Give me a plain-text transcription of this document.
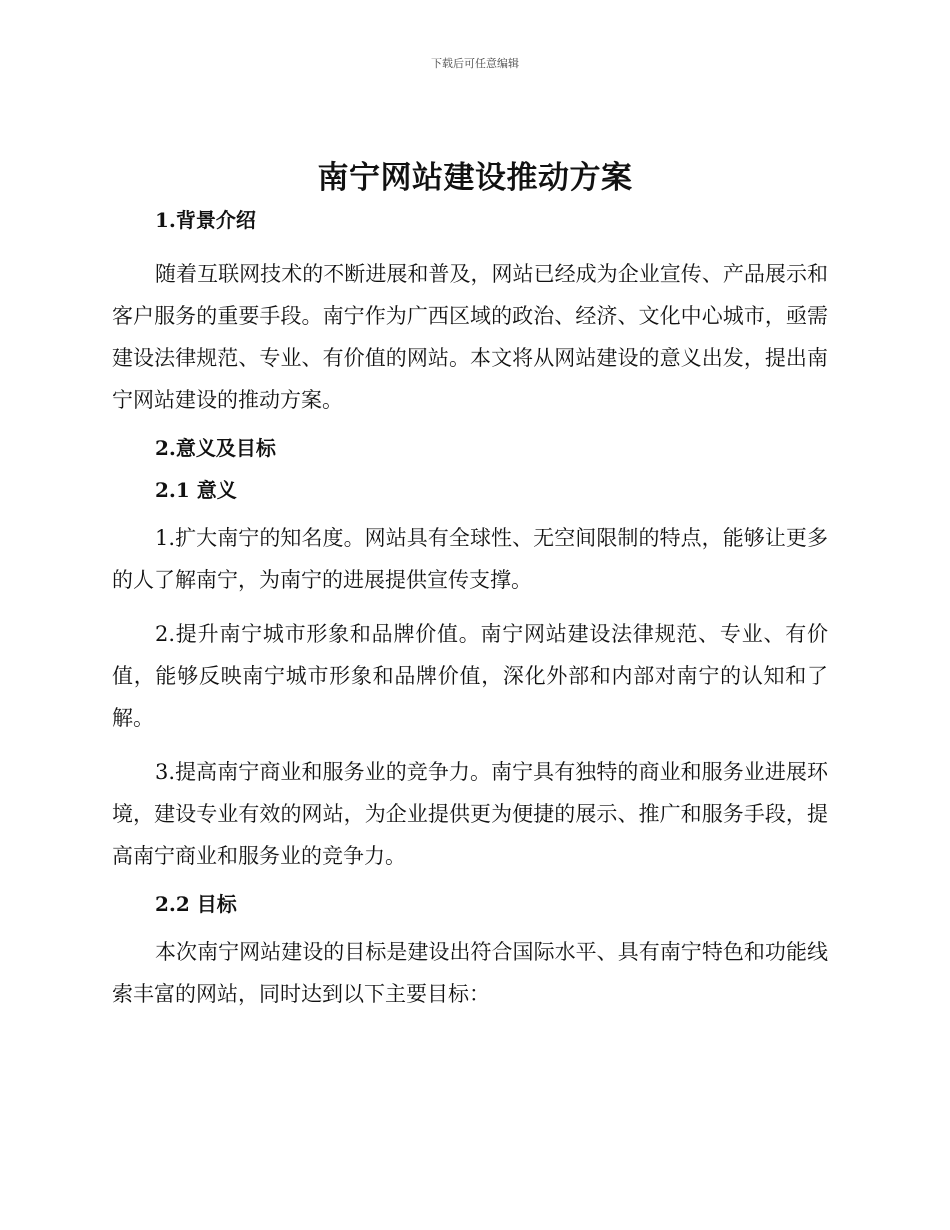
下载后可任意编辑
南宁网站建设推动方案
1.背景介绍

随着互联网技术的不断进展和普及，网站已经成为企业宣传、产品展示和客户服务的重要手段。南宁作为广西区域的政治、经济、文化中心城市，亟需建设法律规范、专业、有价值的网站。本文将从网站建设的意义出发，提出南宁网站建设的推动方案。

2.意义及目标
2.1 意义

1.扩大南宁的知名度。网站具有全球性、无空间限制的特点，能够让更多的人了解南宁，为南宁的进展提供宣传支撑。

2.提升南宁城市形象和品牌价值。南宁网站建设法律规范、专业、有价值，能够反映南宁城市形象和品牌价值，深化外部和内部对南宁的认知和了解。

3.提高南宁商业和服务业的竞争力。南宁具有独特的商业和服务业进展环境，建设专业有效的网站，为企业提供更为便捷的展示、推广和服务手段，提高南宁商业和服务业的竞争力。

2.2 目标

本次南宁网站建设的目标是建设出符合国际水平、具有南宁特色和功能线索丰富的网站，同时达到以下主要目标：
